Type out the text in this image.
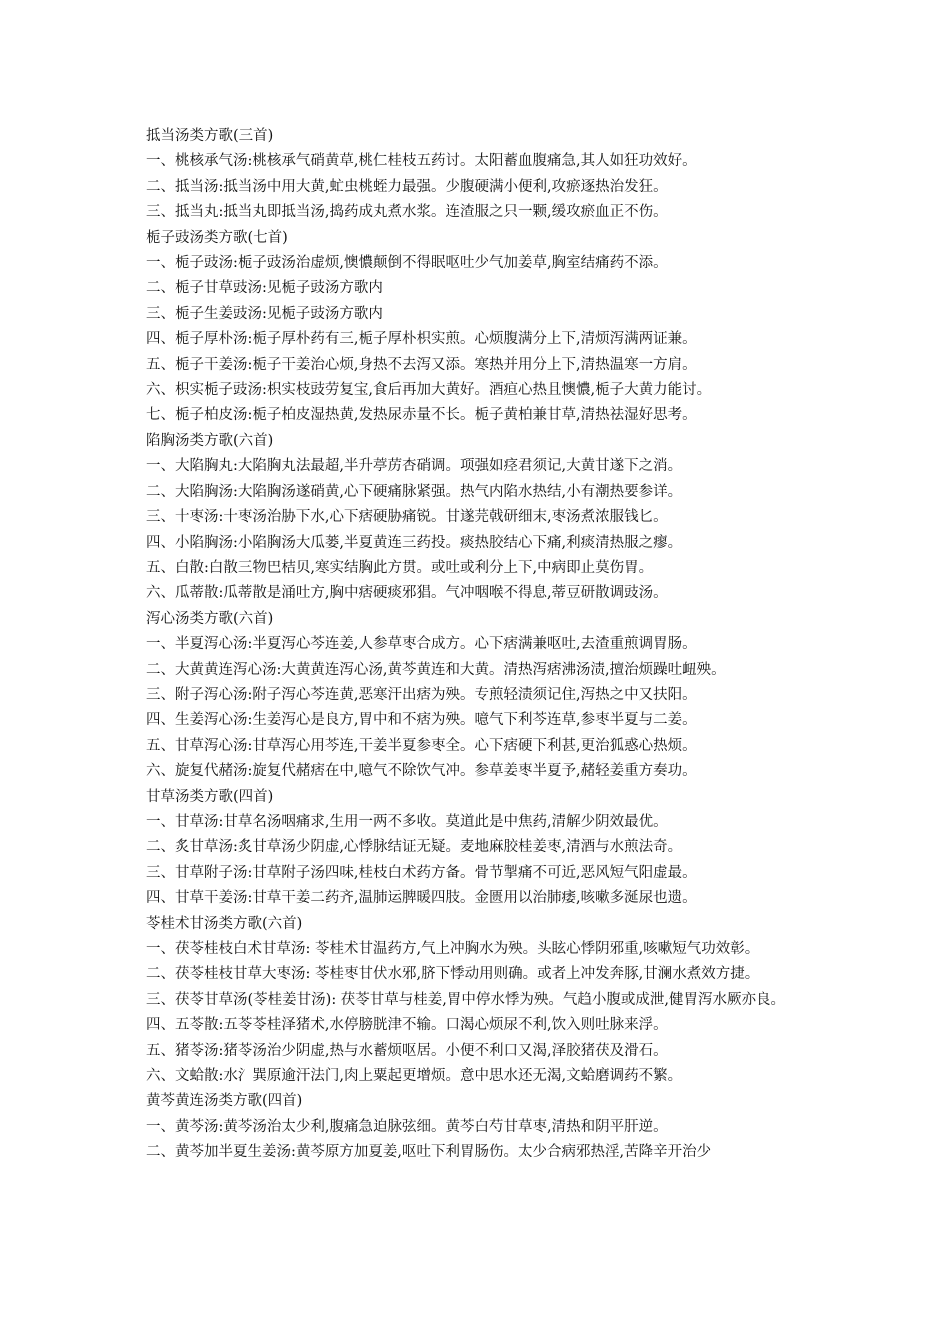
抵当汤类方歌(三首)
一、桃核承气汤:桃核承气硝黄草,桃仁桂枝五药讨。太阳蓄血腹痛急,其人如狂功效好。
二、抵当汤:抵当汤中用大黄,虻虫桃蛭力最强。少腹硬满小便利,攻瘀逐热治发狂。
三、抵当丸:抵当丸即抵当汤,捣药成丸煮水浆。连渣服之只一颗,缓攻瘀血正不伤。
栀子豉汤类方歌(七首)
一、栀子豉汤:栀子豉汤治虚烦,懊憹颠倒不得眠呕吐少气加姜草,胸室结痛药不添。
二、栀子甘草豉汤:见栀子豉汤方歌内
三、栀子生姜豉汤:见栀子豉汤方歌内
四、栀子厚朴汤:栀子厚朴药有三,栀子厚朴枳实煎。心烦腹满分上下,清烦泻满两证兼。
五、栀子干姜汤:栀子干姜治心烦,身热不去泻又添。寒热并用分上下,清热温寒一方肩。
六、枳实栀子豉汤:枳实枝豉劳复宝,食后再加大黄好。酒疸心热且懊憹,栀子大黄力能讨。
七、栀子柏皮汤:栀子柏皮湿热黄,发热尿赤量不长。栀子黄柏兼甘草,清热祛湿好思考。
陷胸汤类方歌(六首)
一、大陷胸丸:大陷胸丸法最超,半升葶苈杏硝调。项强如痉君须记,大黄甘遂下之消。
二、大陷胸汤:大陷胸汤遂硝黄,心下硬痛脉紧强。热气内陷水热结,小有潮热要参详。
三、十枣汤:十枣汤治胁下水,心下痞硬胁痛锐。甘遂芫戟研细末,枣汤煮浓服钱匕。
四、小陷胸汤:小陷胸汤大瓜蒌,半夏黄连三药投。痰热胶结心下痛,利痰清热服之瘳。
五、白散:白散三物巴桔贝,寒实结胸此方贯。或吐或利分上下,中病即止莫伤胃。
六、瓜蒂散:瓜蒂散是涌吐方,胸中痞硬痰邪猖。气冲咽喉不得息,蒂豆研散调豉汤。
泻心汤类方歌(六首)
一、半夏泻心汤:半夏泻心芩连姜,人参草枣合成方。心下痞满兼呕吐,去渣重煎调胃肠。
二、大黄黄连泻心汤:大黄黄连泻心汤,黄芩黄连和大黄。清热泻痞沸汤渍,擅治烦躁吐衄殃。
三、附子泻心汤:附子泻心芩连黄,恶寒汗出痞为殃。专煎轻渍须记住,泻热之中又扶阳。
四、生姜泻心汤:生姜泻心是良方,胃中和不痞为殃。噫气下利芩连草,参枣半夏与二姜。
五、甘草泻心汤:甘草泻心用芩连,干姜半夏参枣全。心下痞硬下利甚,更治狐惑心热烦。
六、旋复代赭汤:旋复代赭痞在中,噫气不除饮气冲。参草姜枣半夏予,赭轻姜重方奏功。
甘草汤类方歌(四首)
一、甘草汤:甘草名汤咽痛求,生用一两不多收。莫道此是中焦药,清解少阴效最优。
二、炙甘草汤:炙甘草汤少阴虚,心悸脉结证无疑。麦地麻胶桂姜枣,清酒与水煎法奇。
三、甘草附子汤:甘草附子汤四味,桂枝白术药方备。骨节掣痛不可近,恶风短气阳虚最。
四、甘草干姜汤:甘草干姜二药齐,温肺运脾暖四肢。金匮用以治肺痿,咳嗽多涎尿也遗。
苓桂术甘汤类方歌(六首)
一、茯苓桂枝白术甘草汤: 苓桂术甘温药方,气上冲胸水为殃。头眩心悸阴邪重,咳嗽短气功效彰。
二、茯苓桂枝甘草大枣汤: 苓桂枣甘伏水邪,脐下悸动用则确。或者上冲发奔豚,甘澜水煮效方捷。
三、茯苓甘草汤(苓桂姜甘汤): 茯苓甘草与桂姜,胃中停水悸为殃。气趋小腹或成泄,健胃泻水厥亦良。
四、五苓散:五苓苓桂泽猪术,水停膀胱津不输。口渴心烦尿不利,饮入则吐脉来浮。
五、猪苓汤:猪苓汤治少阴虚,热与水蓄烦呕居。小便不利口又渴,泽胶猪茯及滑石。
六、文蛤散:水氵巽原逾汗法门,肉上粟起更增烦。意中思水还无渴,文蛤磨调药不繁。
黄芩黄连汤类方歌(四首)
一、黄芩汤:黄芩汤治太少利,腹痛急迫脉弦细。黄芩白芍甘草枣,清热和阴平肝逆。
二、黄芩加半夏生姜汤:黄芩原方加夏姜,呕吐下利胃肠伤。太少合病邪热淫,苦降辛开治少
